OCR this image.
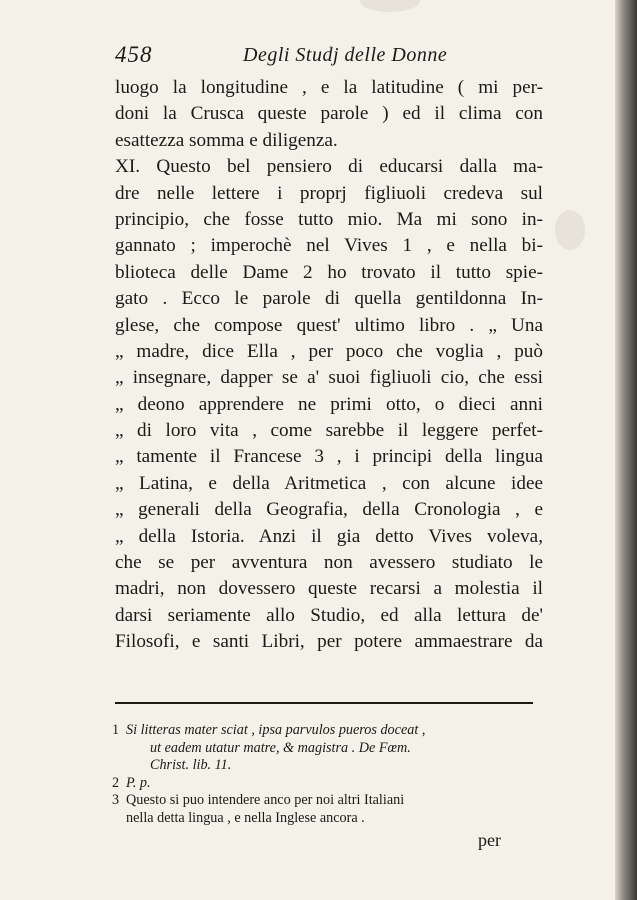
458	Degli Studj delle Donne
luogo la longitudine , e la latitudine ( mi per-
doni la Crusca queste parole ) ed il clima con
esattezza somma e diligenza.
XI. Questo bel pensiero di educarsi dalla ma-
dre nelle lettere i proprj figliuoli credeva sul
principio, che fosse tutto mio. Ma mi sono in-
gannato ; imperochè nel Vives 1 , e nella bi-
blioteca delle Dame 2 ho trovato il tutto spie-
gato . Ecco le parole di quella gentildonna In-
glese, che compose quest' ultimo libro . „ Una
„ madre, dice Ella , per poco che voglia , può
„ insegnare, dapper se a' suoi figliuoli cio, che essi
„ deono apprendere ne primi otto, o dieci anni
„ di loro vita , come sarebbe il leggere perfet-
„ tamente il Francese 3 , i principi della lingua
„ Latina, e della Aritmetica , con alcune idee
„ generali della Geografia, della Cronologia , e
„ della Istoria. Anzi il gia detto Vives voleva,
che se per avventura non avessero studiato le
madri, non dovessero queste recarsi a molestia il
darsi seriamente allo Studio, ed alla lettura de'
Filosofi, e santi Libri, per potere ammaestrare da
1 Si litteras mater sciat , ipsa parvulos pueros doceat ,
ut eadem utatur matre, & magistra . De Fœm.
Christ. lib. 11.
2 P. p.
3 Questo si puo intendere anco per noi altri Italiani
nella detta lingua , e nella Inglese ancora .
per
